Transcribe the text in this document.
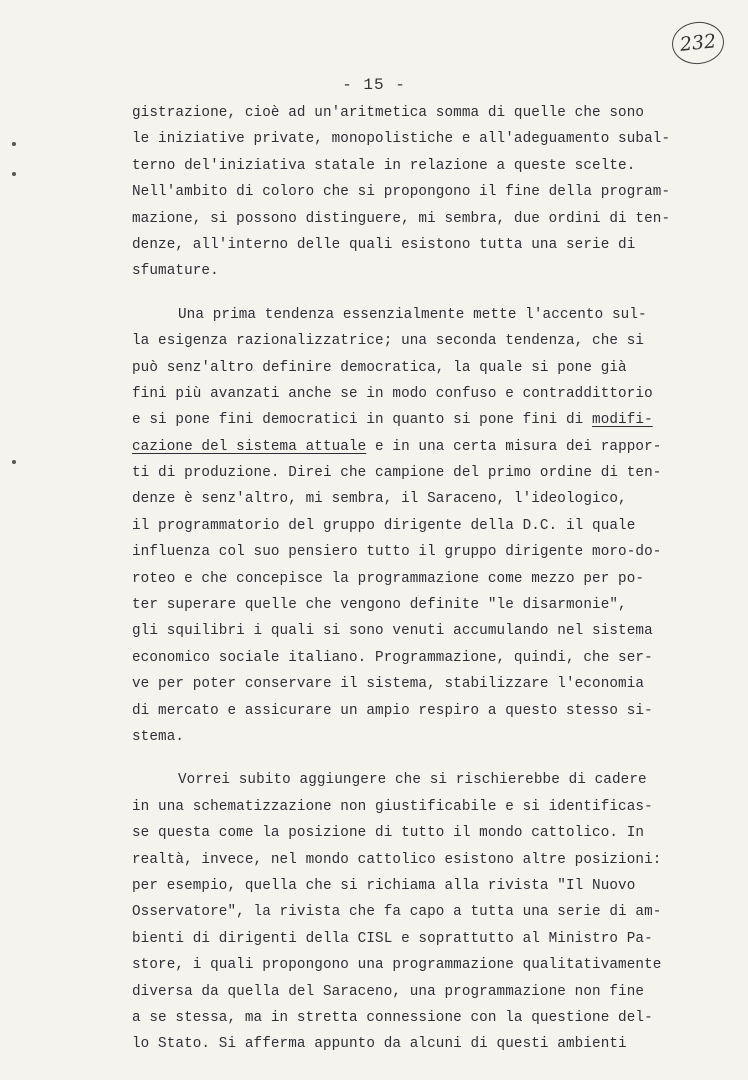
232
- 15 -
gistrazione, cioè ad un'aritmetica somma di quelle che sono
le iniziative private, monopolistiche e all'adeguamento subal-
terno del'iniziativa statale in relazione a queste scelte.
Nell'ambito di coloro che si propongono il fine della program-
mazione, si possono distinguere, mi sembra, due ordini di ten-
denze, all'interno delle quali esistono tutta una serie di
sfumature.
Una prima tendenza essenzialmente mette l'accento sul-
la esigenza razionalizzatrice; una seconda tendenza, che si
può senz'altro definire democratica, la quale si pone già
fini più avanzati anche se in modo confuso e contraddittorio
e si pone fini democratici in quanto si pone fini di modifi-
cazione del sistema attuale e in una certa misura dei rappor-
ti di produzione. Direi che campione del primo ordine di ten-
denze è senz'altro, mi sembra, il Saraceno, l'ideologico,
il programmatorio del gruppo dirigente della D.C. il quale
influenza col suo pensiero tutto il gruppo dirigente moro-do-
roteo e che concepisce la programmazione come mezzo per po-
ter superare quelle che vengono definite "le disarmonie",
gli squilibri i quali si sono venuti accumulando nel sistema
economico sociale italiano. Programmazione, quindi, che ser-
ve per poter conservare il sistema, stabilizzare l'economia
di mercato e assicurare un ampio respiro a questo stesso si-
stema.
Vorrei subito aggiungere che si rischierebbe di cadere
in una schematizzazione non giustificabile e si identificas-
se questa come la posizione di tutto il mondo cattolico. In
realtà, invece, nel mondo cattolico esistono altre posizioni:
per esempio, quella che si richiama alla rivista "Il Nuovo
Osservatore", la rivista che fa capo a tutta una serie di am-
bienti di dirigenti della CISL e soprattutto al Ministro Pa-
store, i quali propongono una programmazione qualitativamente
diversa da quella del Saraceno, una programmazione non fine
a se stessa, ma in stretta connessione con la questione del-
lo Stato. Si afferma appunto da alcuni di questi ambienti
